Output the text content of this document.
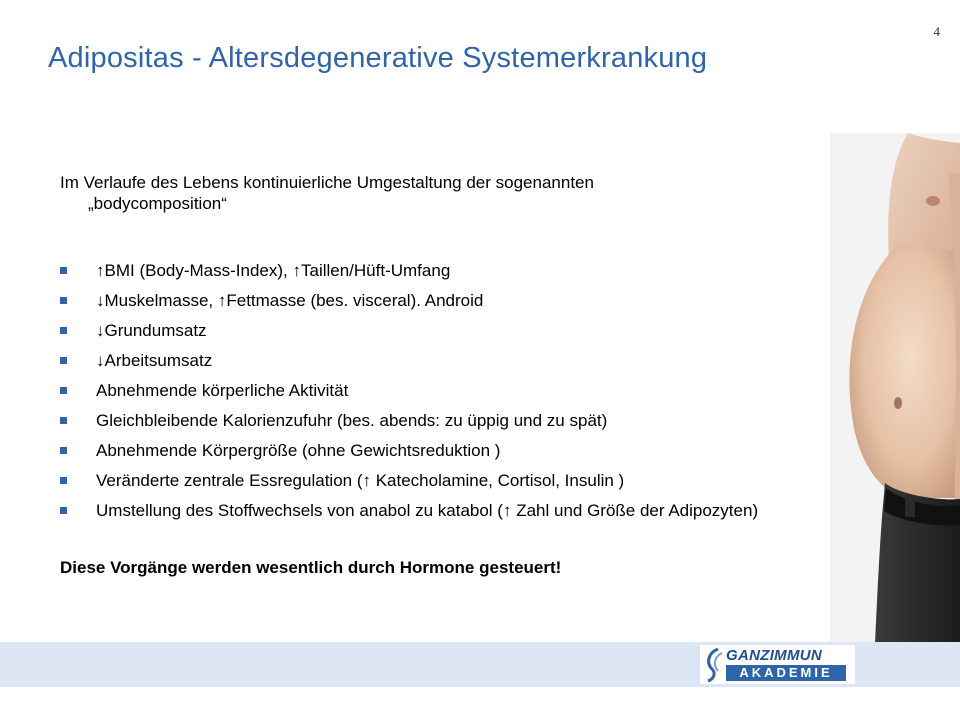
4
Adipositas - Altersdegenerative Systemerkrankung

Im Verlaufe des Lebens kontinuierliche Umgestaltung der sogenannten

„bodycomposition“

↑BMI (Body-Mass-Index), ↑Taillen/Hüft-Umfang
↓Muskelmasse, ↑Fettmasse (bes. visceral). Android
↓Grundumsatz
↓Arbeitsumsatz
Abnehmende körperliche Aktivität
Gleichbleibende Kalorienzufuhr (bes. abends: zu üppig und zu spät)
Abnehmende Körpergröße (ohne Gewichtsreduktion )
Veränderte zentrale Essregulation (↑ Katecholamine, Cortisol, Insulin )
Umstellung des Stoffwechsels von anabol zu katabol (↑ Zahl und Größe der Adipozyten)

Diese Vorgänge werden wesentlich durch Hormone gesteuert!

GANZIMMUN
AKADEMIE
